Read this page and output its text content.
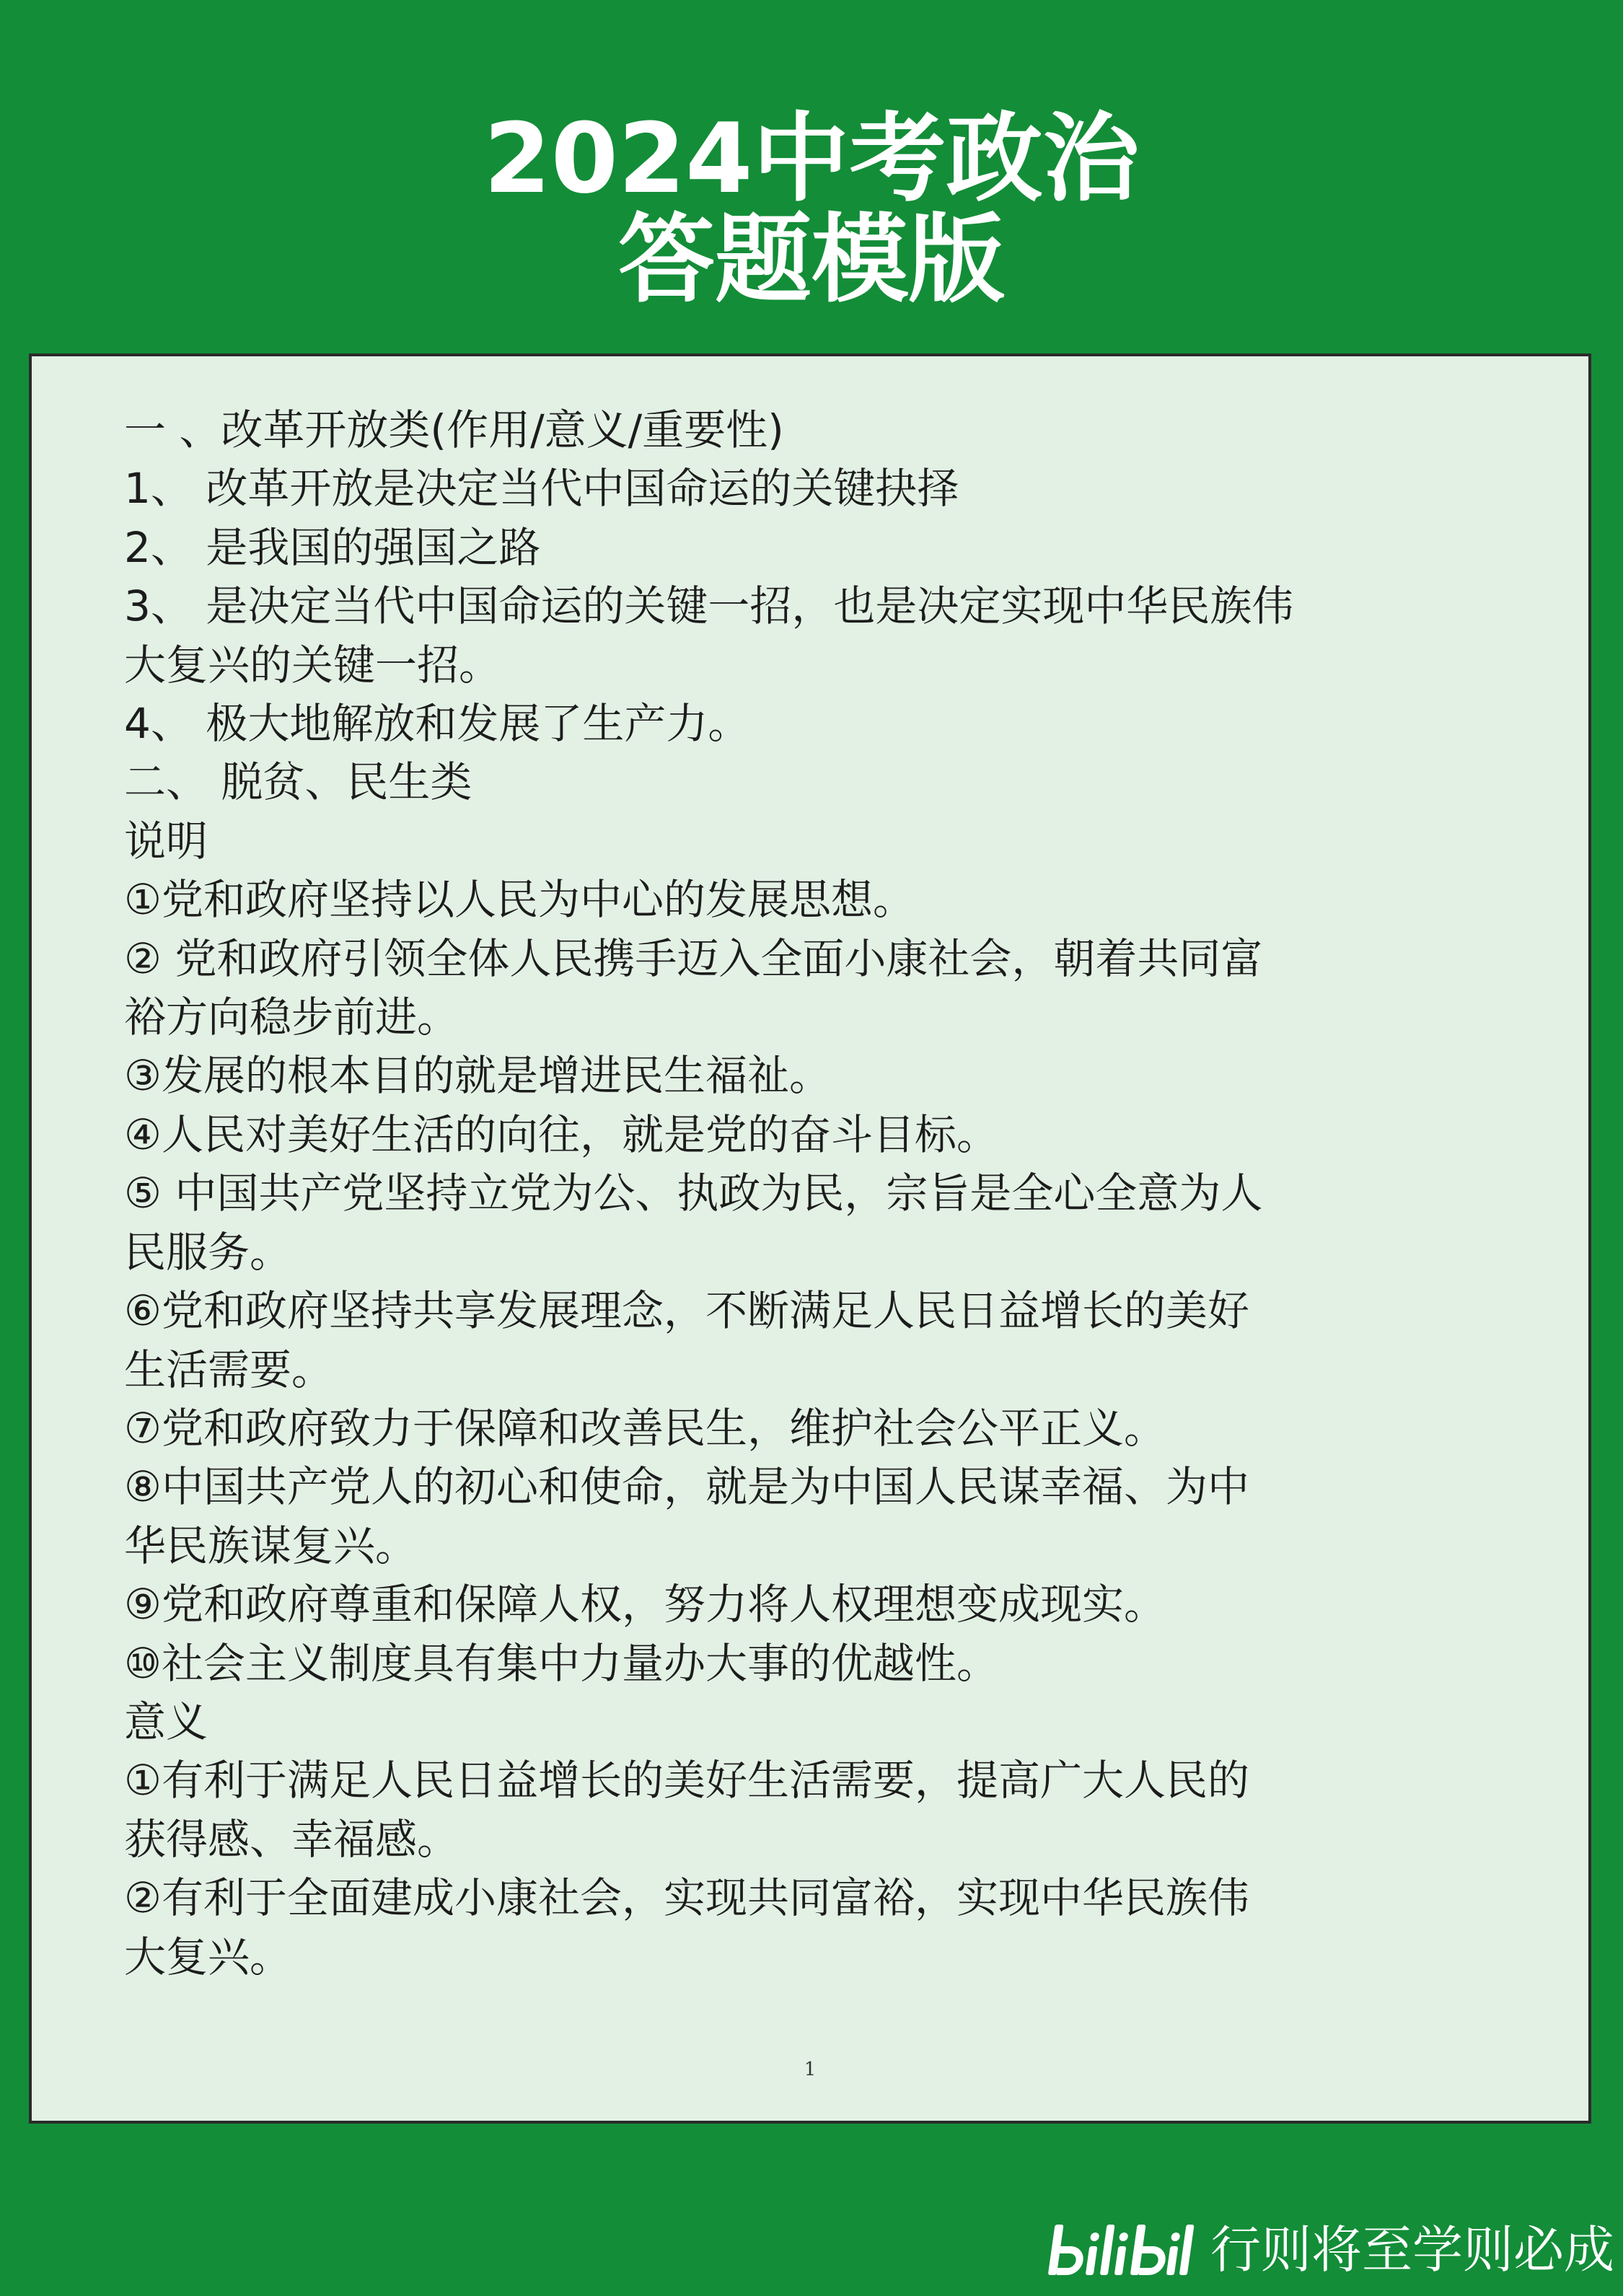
2024中考政治
答题模版
一 、改革开放类(作用/意义/重要性)
1、 改革开放是决定当代中国命运的关键抉择
2、 是我国的强国之路
3、 是决定当代中国命运的关键一招，也是决定实现中华民族伟
大复兴的关键一招。
4、 极大地解放和发展了生产力。
二、 脱贫、民生类
说明
①党和政府坚持以人民为中心的发展思想。
② 党和政府引领全体人民携手迈入全面小康社会，朝着共同富
裕方向稳步前进。
③发展的根本目的就是增进民生福祉。
④人民对美好生活的向往，就是党的奋斗目标。
⑤ 中国共产党坚持立党为公、执政为民，宗旨是全心全意为人
民服务。
⑥党和政府坚持共享发展理念，不断满足人民日益增长的美好
生活需要。
⑦党和政府致力于保障和改善民生，维护社会公平正义。
⑧中国共产党人的初心和使命，就是为中国人民谋幸福、为中
华民族谋复兴。
⑨党和政府尊重和保障人权，努力将人权理想变成现实。
⑩社会主义制度具有集中力量办大事的优越性。
意义
①有利于满足人民日益增长的美好生活需要，提高广大人民的
获得感、幸福感。
②有利于全面建成小康社会，实现共同富裕，实现中华民族伟
大复兴。
1
行则将至学则必成
